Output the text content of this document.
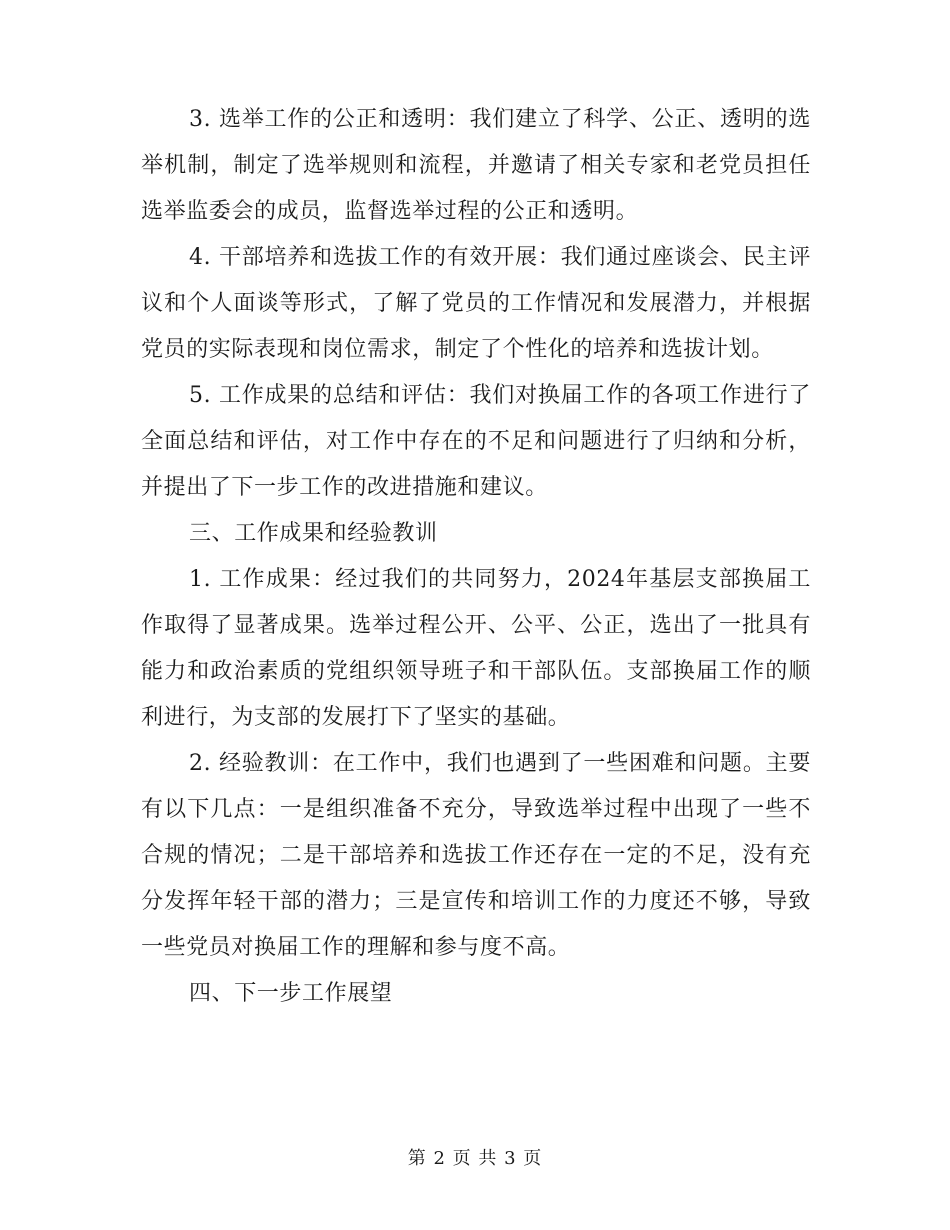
3. 选举工作的公正和透明：我们建立了科学、公正、透明的选举机制，制定了选举规则和流程，并邀请了相关专家和老党员担任选举监委会的成员，监督选举过程的公正和透明。

4. 干部培养和选拔工作的有效开展：我们通过座谈会、民主评议和个人面谈等形式，了解了党员的工作情况和发展潜力，并根据党员的实际表现和岗位需求，制定了个性化的培养和选拔计划。

5. 工作成果的总结和评估：我们对换届工作的各项工作进行了全面总结和评估，对工作中存在的不足和问题进行了归纳和分析，并提出了下一步工作的改进措施和建议。

三、工作成果和经验教训

1. 工作成果：经过我们的共同努力，2024年基层支部换届工作取得了显著成果。选举过程公开、公平、公正，选出了一批具有能力和政治素质的党组织领导班子和干部队伍。支部换届工作的顺利进行，为支部的发展打下了坚实的基础。

2. 经验教训：在工作中，我们也遇到了一些困难和问题。主要有以下几点：一是组织准备不充分，导致选举过程中出现了一些不合规的情况；二是干部培养和选拔工作还存在一定的不足，没有充分发挥年轻干部的潜力；三是宣传和培训工作的力度还不够，导致一些党员对换届工作的理解和参与度不高。

四、下一步工作展望

第 2 页 共 3 页
